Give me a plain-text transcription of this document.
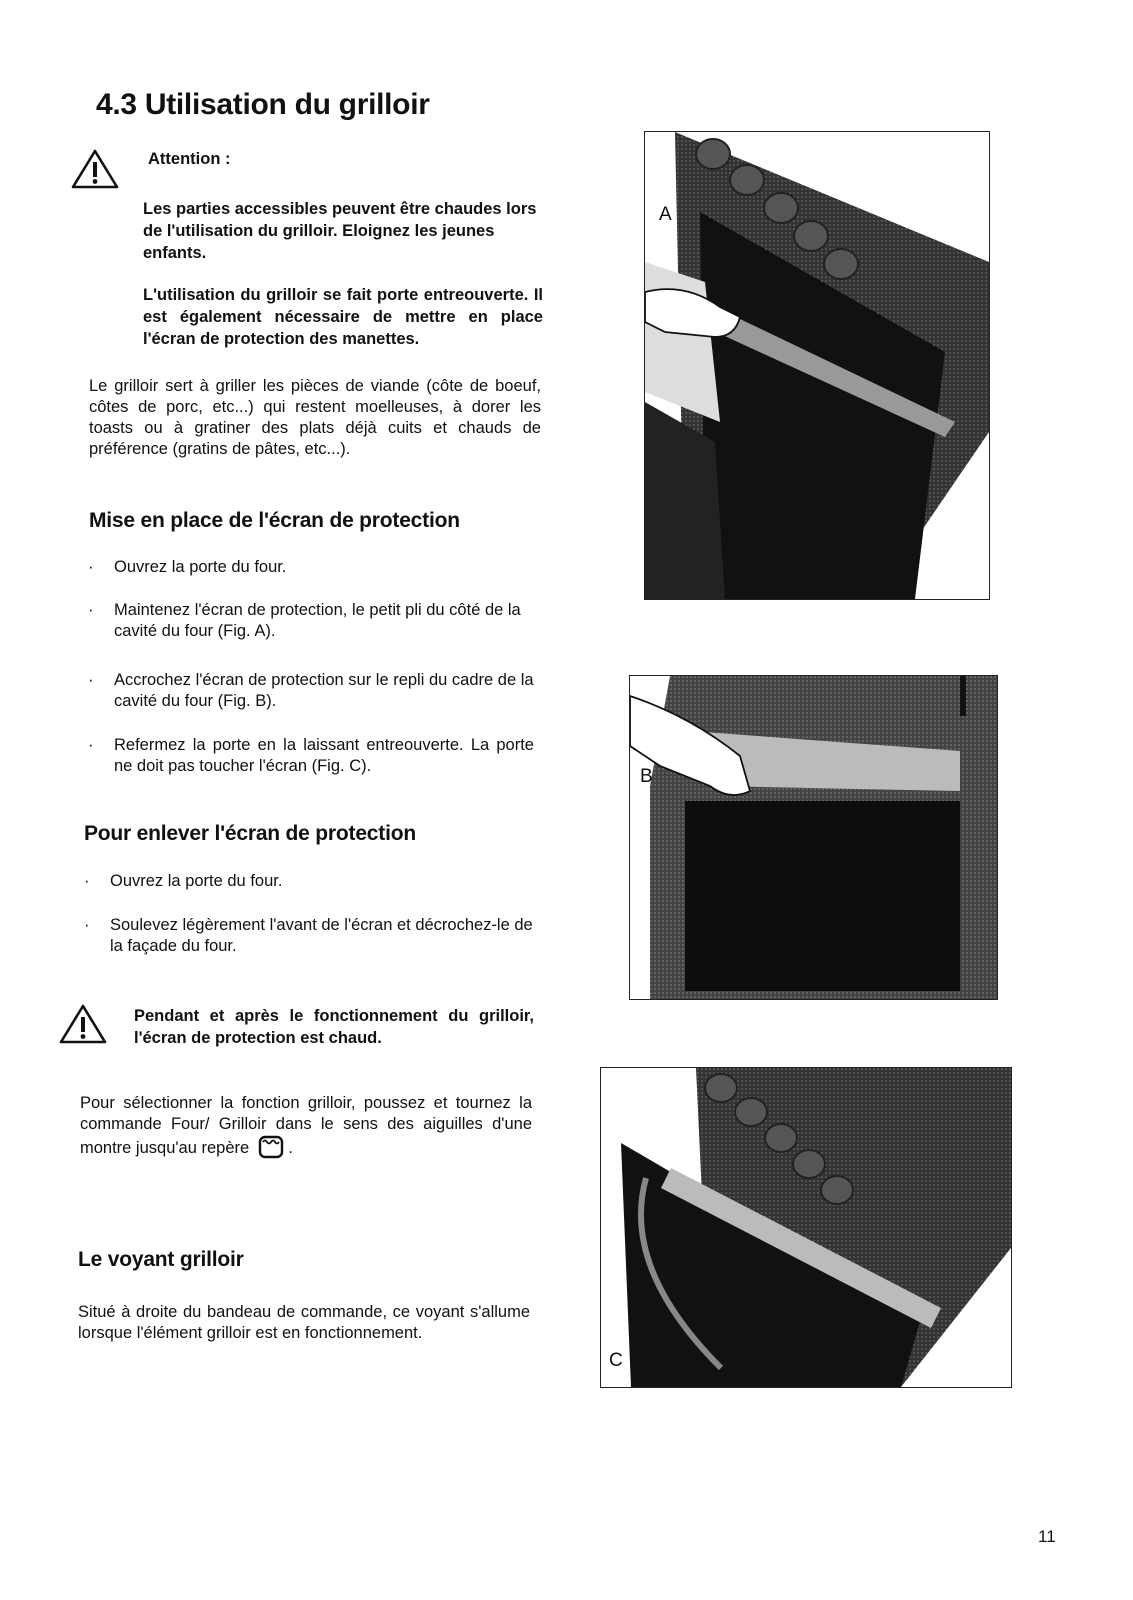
4.3 Utilisation du grilloir
Attention :
Les parties accessibles peuvent être chaudes lors de l'utilisation du grilloir. Eloignez les jeunes enfants.
L'utilisation du grilloir se fait porte entreouverte. Il est également nécessaire de mettre en place l'écran de protection des manettes.
Le grilloir sert à griller les pièces de viande (côte de boeuf, côtes de porc, etc...) qui restent moelleuses, à dorer les toasts ou à gratiner des plats déjà cuits et chauds de préférence (gratins de pâtes, etc...).
Mise en place de l'écran de protection
· Ouvrez la porte du four.
· Maintenez l'écran de protection, le petit pli du côté de la cavité du four (Fig. A).
· Accrochez l'écran de protection sur le repli du cadre de la cavité du four (Fig. B).
· Refermez la porte en la laissant entreouverte. La porte ne doit pas toucher l'écran (Fig. C).
Pour enlever l'écran de protection
· Ouvrez la porte du four.
· Soulevez légèrement l'avant de l'écran et décrochez-le de la façade du four.
Pendant et après le fonctionnement du grilloir, l'écran de protection est chaud.
Pour sélectionner la fonction grilloir, poussez et tournez la commande Four/ Grilloir dans le sens des aiguilles d'une montre jusqu'au repère .
Le voyant grilloir
Situé à droite du bandeau de commande, ce voyant s'allume lorsque l'élément grilloir est en fonctionnement.
A
B
C
11
